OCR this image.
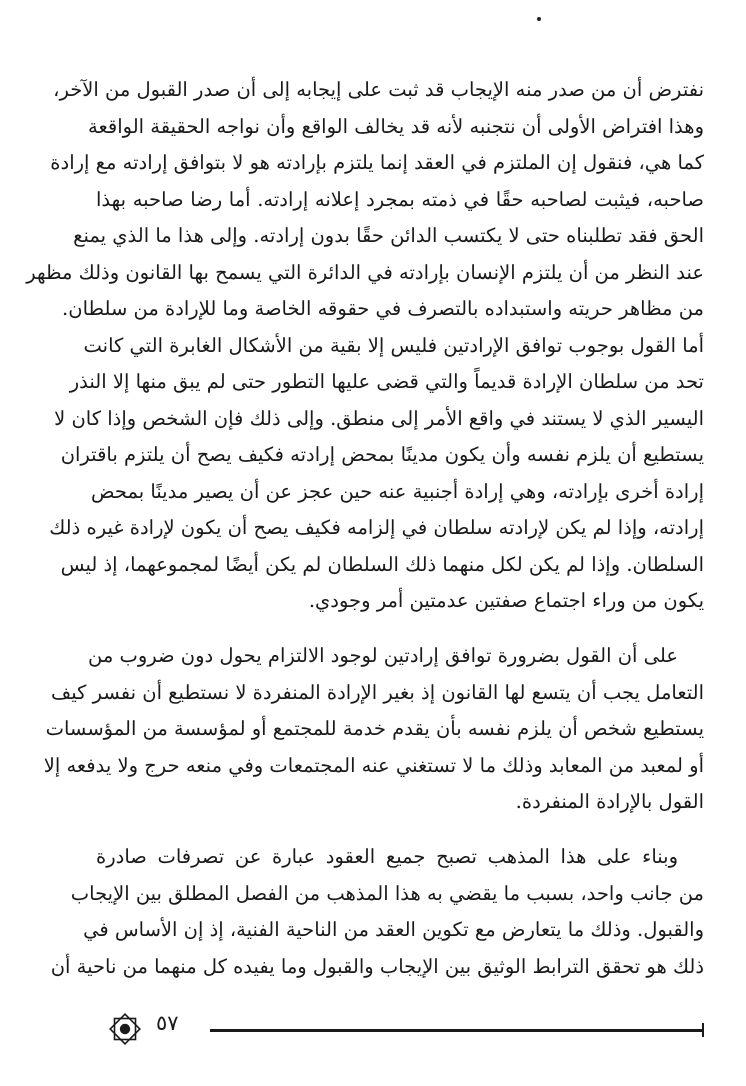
نفترض أن من صدر منه الإيجاب قد ثبت على إيجابه إلى أن صدر القبول من الآخر،
وهذا افتراض الأولى أن نتجنبه لأنه قد يخالف الواقع وأن نواجه الحقيقة الواقعة
كما هي، فنقول إن الملتزم في العقد إنما يلتزم بإرادته هو لا بتوافق إرادته مع إرادة
صاحبه، فيثبت لصاحبه حقًا في ذمته بمجرد إعلانه إرادته. أما رضا صاحبه بهذا
الحق فقد تطلبناه حتى لا يكتسب الدائن حقًا بدون إرادته. وإلى هذا ما الذي يمنع
عند النظر من أن يلتزم الإنسان بإرادته في الدائرة التي يسمح بها القانون وذلك مظهر
من مظاهر حريته واستبداده بالتصرف في حقوقه الخاصة وما للإرادة من سلطان.
أما القول بوجوب توافق الإرادتين فليس إلا بقية من الأشكال الغابرة التي كانت
تحد من سلطان الإرادة قديماً والتي قضى عليها التطور حتى لم يبق منها إلا النذر
اليسير الذي لا يستند في واقع الأمر إلى منطق. وإلى ذلك فإن الشخص وإذا كان لا
يستطيع أن يلزم نفسه وأن يكون مدينًا بمحض إرادته فكيف يصح أن يلتزم باقتران
إرادة أخرى بإرادته، وهي إرادة أجنبية عنه حين عجز عن أن يصير مدينًا بمحض
إرادته، وإذا لم يكن لإرادته سلطان في إلزامه فكيف يصح أن يكون لإرادة غيره ذلك
السلطان. وإذا لم يكن لكل منهما ذلك السلطان لم يكن أيضًا لمجموعهما، إذ ليس
يكون من وراء اجتماع صفتين عدمتين أمر وجودي.
على أن القول بضرورة توافق إرادتين لوجود الالتزام يحول دون ضروب من
التعامل يجب أن يتسع لها القانون إذ بغير الإرادة المنفردة لا نستطيع أن نفسر كيف
يستطيع شخص أن يلزم نفسه بأن يقدم خدمة للمجتمع أو لمؤسسة من المؤسسات
أو لمعبد من المعابد وذلك ما لا تستغني عنه المجتمعات وفي منعه حرج ولا يدفعه إلا
القول بالإرادة المنفردة.
وبناء على هذا المذهب تصبح جميع العقود عبارة عن تصرفات صادرة
من جانب واحد، بسبب ما يقضي به هذا المذهب من الفصل المطلق بين الإيجاب
والقبول. وذلك ما يتعارض مع تكوين العقد من الناحية الفنية، إذ إن الأساس في
ذلك هو تحقق الترابط الوثيق بين الإيجاب والقبول وما يفيده كل منهما من ناحية أن
٥٧
